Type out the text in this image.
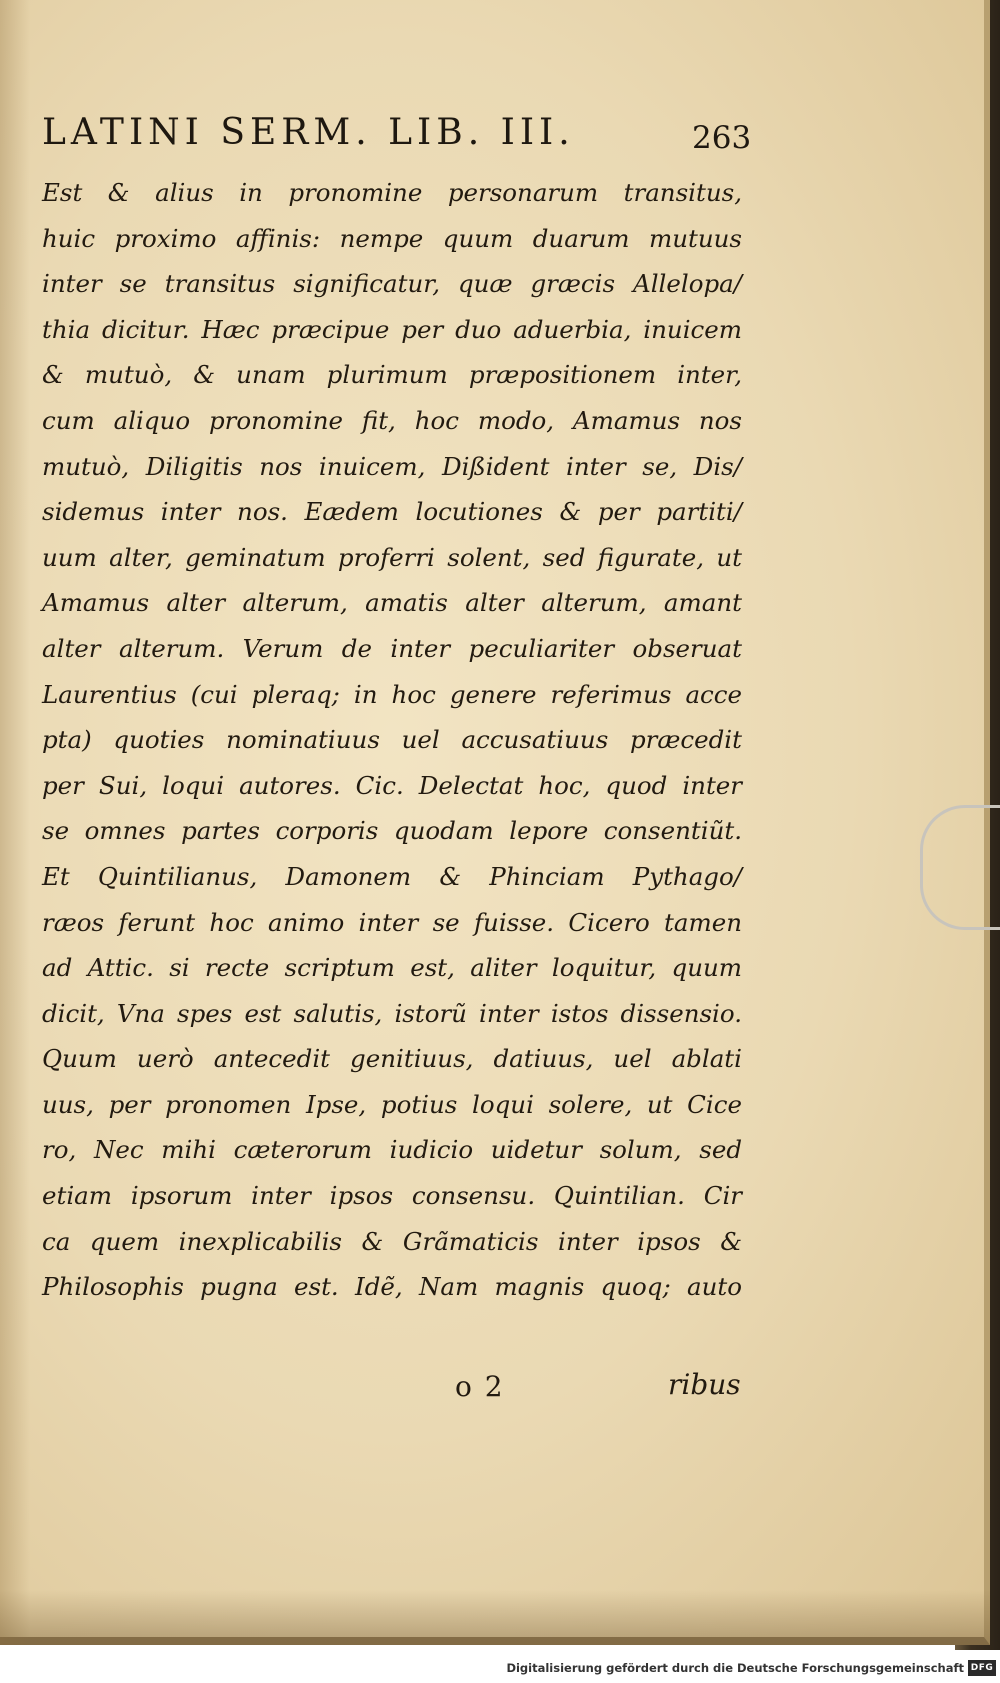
LATINI SERM. LIB. III.	263
Est & alius in pronomine personarum transitus,
huic proximo affinis: nempe quum duarum mutuus
inter se transitus significatur, quæ græcis Allelopa/
thia dicitur. Hæc præcipue per duo aduerbia, inuicem
& mutuò, & unam plurimum præpositionem inter,
cum aliquo pronomine fit, hoc modo, Amamus nos
mutuò, Diligitis nos inuicem, Dißident inter se, Dis/
sidemus inter nos. Eædem locutiones & per partiti/
uum alter, geminatum proferri solent, sed figurate, ut
Amamus alter alterum, amatis alter alterum, amant
alter alterum. Verum de inter peculiariter obseruat
Laurentius (cui pleraq; in hoc genere referimus acce
pta) quoties nominatiuus uel accusatiuus præcedit
per Sui, loqui autores. Cic. Delectat hoc, quod inter
se omnes partes corporis quodam lepore consentiũt.
Et Quintilianus, Damonem & Phinciam Pythago/
ræos ferunt hoc animo inter se fuisse. Cicero tamen
ad Attic. si recte scriptum est, aliter loquitur, quum
dicit, Vna spes est salutis, istorũ inter istos dissensio.
Quum uerò antecedit genitiuus, datiuus, uel ablati
uus, per pronomen Ipse, potius loqui solere, ut Cice
ro, Nec mihi cæterorum iudicio uidetur solum, sed
etiam ipsorum inter ipsos consensu. Quintilian. Cir
ca quem inexplicabilis & Grãmaticis inter ipsos &
Philosophis pugna est. Idẽ, Nam magnis quoq; auto
o 2	ribus
Digitalisierung gefördert durch die Deutsche Forschungsgemeinschaft DFG
